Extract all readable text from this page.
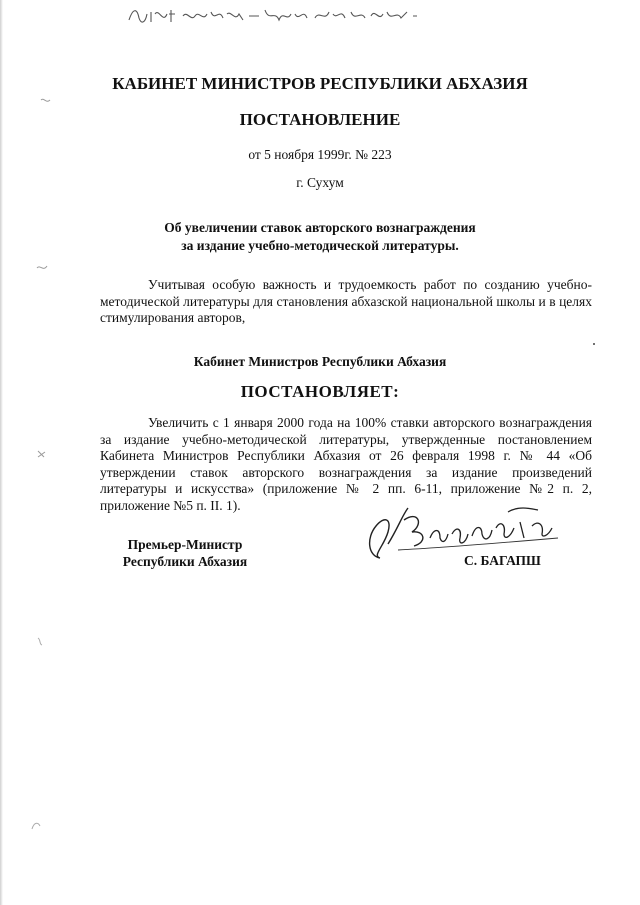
КАБИНЕТ МИНИСТРОВ РЕСПУБЛИКИ АБХАЗИЯ
ПОСТАНОВЛЕНИЕ

от 5 ноября 1999г. № 223

г. Сухум

Об увеличении ставок авторского вознаграждения
за издание учебно-методической литературы.

Учитывая особую важность и трудоемкость работ по созданию учебно-методической литературы для становления абхазской национальной школы и в целях стимулирования авторов,

Кабинет Министров Республики Абхазия

ПОСТАНОВЛЯЕТ:

Увеличить с 1 января 2000 года на 100% ставки авторского вознаграждения за издание учебно-методической литературы, утвержденные постановлением Кабинета Министров Республики Абхазия от 26 февраля 1998 г. № 44 «Об утверждении ставок авторского вознаграждения за издание произведений литературы и искусства» (приложение № 2 пп. 6-11, приложение №2 п. 2, приложение №5 п. II. 1).

Премьер-Министр
Республики Абхазия	С. БАГАПШ
